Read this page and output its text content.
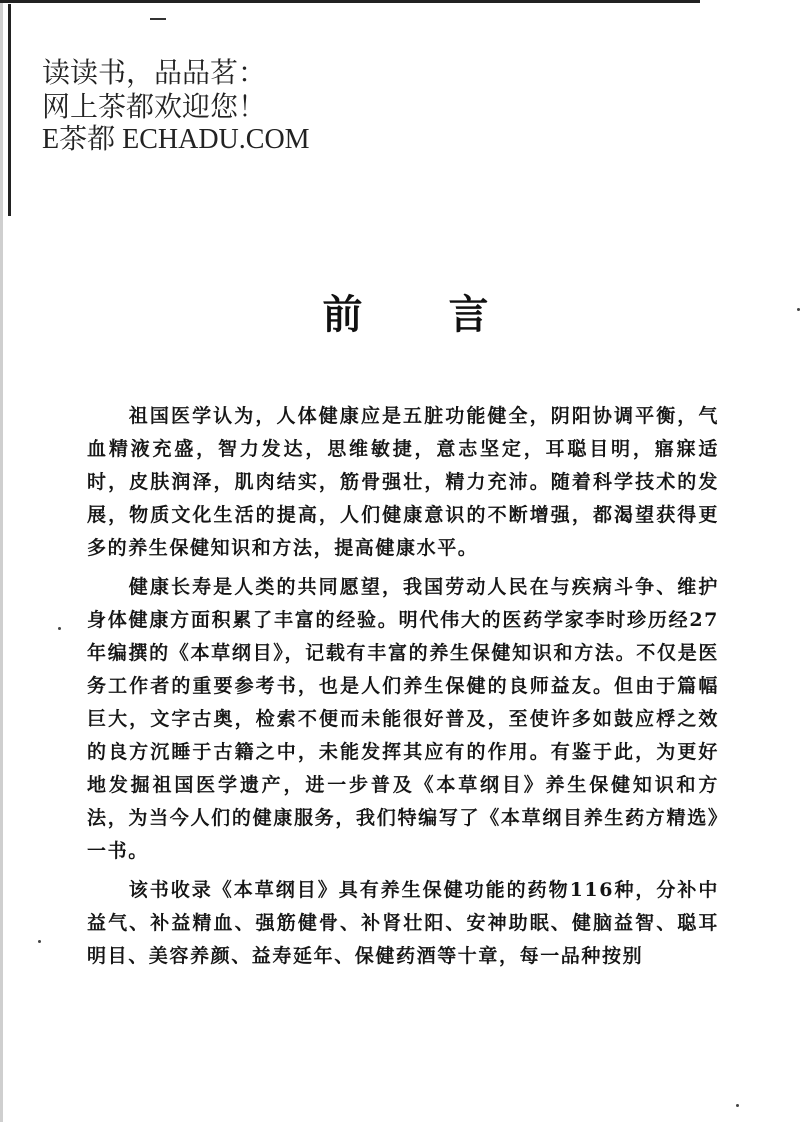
读读书，品品茗：
网上茶都欢迎您！
E茶都 ECHADU.COM
前 言

祖国医学认为，人体健康应是五脏功能健全，阴阳协调平衡，气血精液充盛，智力发达，思维敏捷，意志坚定，耳聪目明，寤寐适时，皮肤润泽，肌肉结实，筋骨强壮，精力充沛。随着科学技术的发展，物质文化生活的提高，人们健康意识的不断增强，都渴望获得更多的养生保健知识和方法，提高健康水平。

健康长寿是人类的共同愿望，我国劳动人民在与疾病斗争、维护身体健康方面积累了丰富的经验。明代伟大的医药学家李时珍历经27年编撰的《本草纲目》，记载有丰富的养生保健知识和方法。不仅是医务工作者的重要参考书，也是人们养生保健的良师益友。但由于篇幅巨大，文字古奥，检索不便而未能很好普及，至使许多如鼓应桴之效的良方沉睡于古籍之中，未能发挥其应有的作用。有鉴于此，为更好地发掘祖国医学遗产，进一步普及《本草纲目》养生保健知识和方法，为当今人们的健康服务，我们特编写了《本草纲目养生药方精选》一书。

该书收录《本草纲目》具有养生保健功能的药物116种，分补中益气、补益精血、强筋健骨、补肾壮阳、安神助眠、健脑益智、聪耳明目、美容养颜、益寿延年、保健药酒等十章，每一品种按别
